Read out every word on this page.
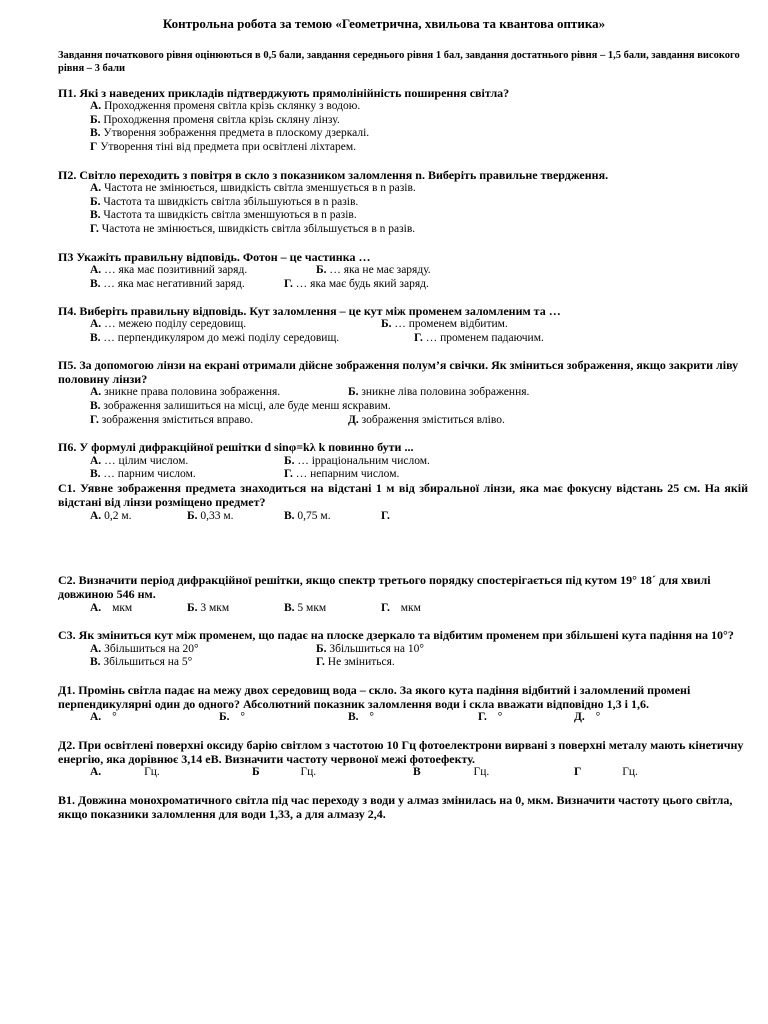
Контрольна робота за темою «Геометрична, хвильова та квантова оптика»
Завдання початкового рівня оцінюються в 0,5 бали, завдання середнього рівня 1 бал, завдання достатнього рівня – 1,5 бали, завдання високого рівня – 3 бали
П1. Які з наведених прикладів підтверджують прямолінійність поширення світла?
А. Проходження променя світла крізь склянку з водою.
Б. Проходження променя світла крізь скляну лінзу.
В. Утворення зображення предмета в плоскому дзеркалі.
Г Утворення тіні від предмета при освітлені ліхтарем.
П2. Світло переходить з повітря в скло з показником заломлення n. Виберіть правильне твердження.
А. Частота не змінюється, швидкість світла зменшується в n разів.
Б. Частота та швидкість світла збільшуються в n разів.
В. Частота та швидкість світла зменшуються в n разів.
Г. Частота не змінюється, швидкість світла збільшується в n разів.
П3 Укажіть правильну відповідь. Фотон – це частинка …
А. … яка має позитивний заряд.	Б. … яка не має заряду.
В. … яка має негативний заряд.	Г. … яка має будь який заряд.
П4. Виберіть правильну відповідь. Кут заломлення – це кут між променем заломленим та …
А. … межею поділу середовищ.	Б. … променем відбитим.
В. … перпендикуляром до межі поділу середовищ.	Г. … променем падаючим.
П5. За допомогою лінзи на екрані отримали дійсне зображення полум’я свічки. Як зміниться зображення, якщо закрити ліву половину лінзи?
А. зникне права половина зображення.	Б. зникне ліва половина зображення.
В. зображення залишиться на місці, але буде менш яскравим.
Г. зображення зміститься вправо.	Д. зображення зміститься вліво.
П6. У формулі дифракційної решітки d sinφ=kλ k повинно бути ...
А. … цілим числом.	Б. … ірраціональним числом.
В. … парним числом.	Г. … непарним числом.
С1. Уявне зображення предмета знаходиться на відстані 1 м від збиральної лінзи, яка має фокусну відстань 25 см. На якій відстані від лінзи розміщено предмет?
А. 0,2 м.	Б. 0,33 м.	В. 0,75 м.	Г.
С2. Визначити період дифракційної решітки, якщо спектр третього порядку спостерігається під кутом 19° 18´ для хвилі довжиною 546 нм.
А. мкм	Б. 3 мкм	В. 5 мкм	Г. мкм
С3. Як зміниться кут між променем, що падає на плоске дзеркало та відбитим променем при збільшені кута падіння на 10°?
А. Збільшиться на 20°	Б. Збільшиться на 10°
В. Збільшиться на 5°	Г. Не зміниться.
Д1. Промінь світла падає на межу двох середовищ вода – скло. За якого кута падіння відбитий і заломлений промені перпендикулярні один до одного? Абсолютний показник заломлення води і скла вважати відповідно 1,3 і 1,6.
А. °	Б. °	В. °	Г. °	Д. °
Д2. При освітлені поверхні оксиду барію світлом з частотою 10 Гц фотоелектрони вирвані з поверхні металу мають кінетичну енергію, яка дорівнює 3,14 еВ. Визначити частоту червоної межі фотоефекту.
А.	Гц.	Б	Гц.	В	Гц.	Г	Гц.
В1. Довжина монохроматичного світла під час переходу з води у алмаз змінилась на 0, мкм. Визначити частоту цього світла, якщо показники заломлення для води 1,33, а для алмазу 2,4.
